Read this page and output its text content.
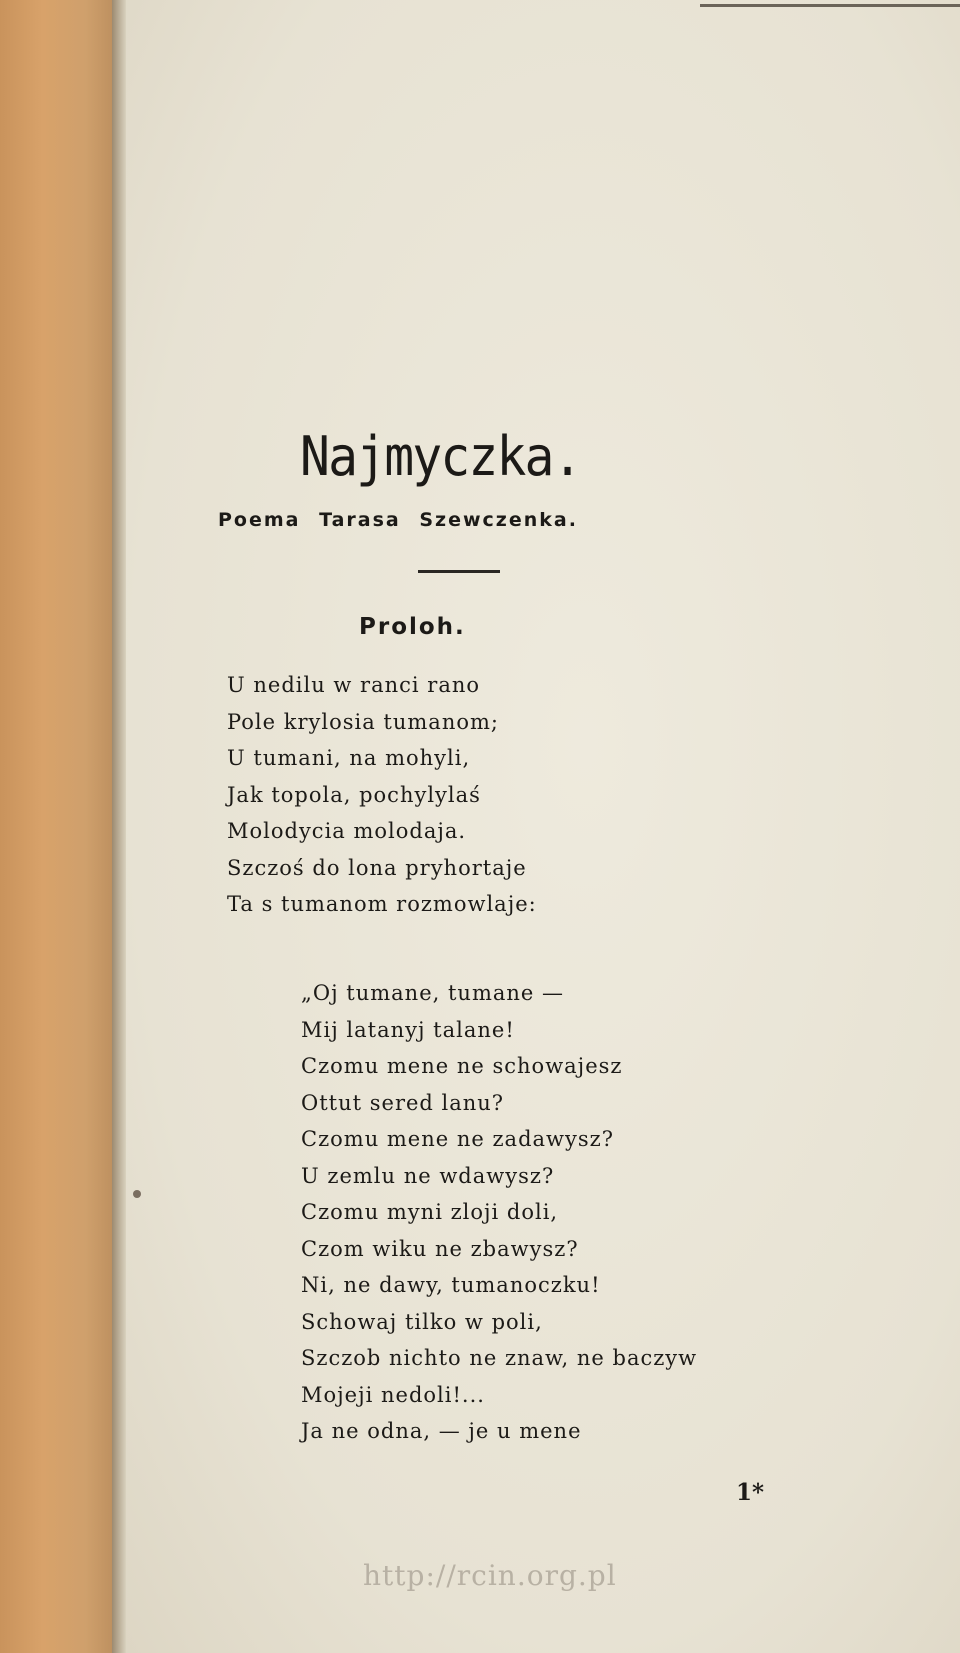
Najmyczka.

Poema Tarasa Szewczenka.

Proloh.
U nedilu w ranci rano
Pole krylosia tumanom;
U tumani, na mohyli,
Jak topola, pochylylaś
Molodycia molodaja.
Szczoś do lona pryhortaje
Ta s tumanom rozmowlaje:
„Oj tumane, tumane —
Mij latanyj talane!
Czomu mene ne schowajesz
Ottut sered lanu?
Czomu mene ne zadawysz?
U zemlu ne wdawysz?
Czomu myni zloji doli,
Czom wiku ne zbawysz?
Ni, ne dawy, tumanoczku!
Schowaj tilko w poli,
Szczob nichto ne znaw, ne baczyw
Mojeji nedoli!...
Ja ne odna, — je u mene
1*
http://rcin.org.pl
